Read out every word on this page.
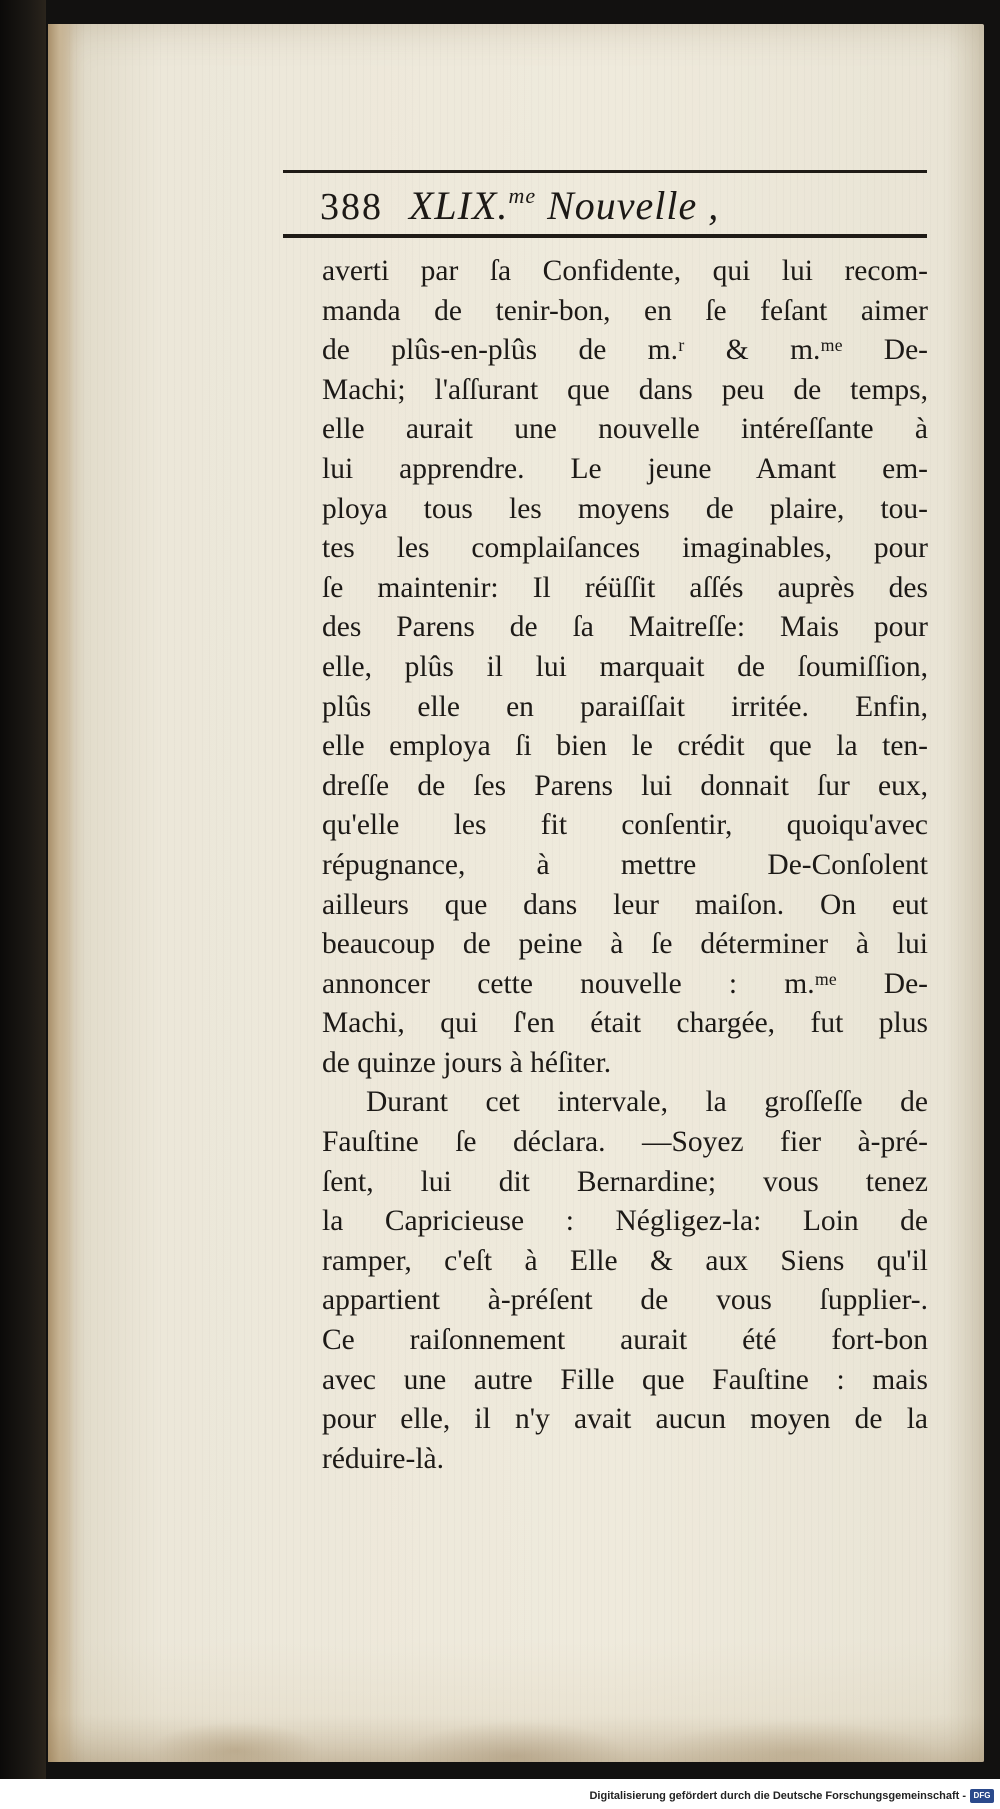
388 XLIX.$^{me}$ Nouvelle ,
averti par ſa Confidente, qui lui recom-
manda de tenir-bon, en ſe feſant aimer
de plûs-en-plûs de m.ʳ & m.ᵐᵉ De-
Machi; l'aſſurant que dans peu de temps,
elle aurait une nouvelle intéreſſante à
lui apprendre. Le jeune Amant em-
ploya tous les moyens de plaire, tou-
tes les complaiſances imaginables, pour
ſe maintenir: Il réüſſit aſſés auprès des
des Parens de ſa Maitreſſe: Mais pour
elle, plûs il lui marquait de ſoumiſſion,
plûs elle en paraiſſait irritée. Enfin,
elle employa ſi bien le crédit que la ten-
dreſſe de ſes Parens lui donnait ſur eux,
qu'elle les fit conſentir, quoiqu'avec
répugnance, à mettre De-Conſolent
ailleurs que dans leur maiſon. On eut
beaucoup de peine à ſe déterminer à lui
annoncer cette nouvelle : m.ᵐᵉ De-
Machi, qui ſ'en était chargée, fut plus
de quinze jours à héſiter.
Durant cet intervale, la groſſeſſe de
Fauſtine ſe déclara. —Soyez fier à-pré-
ſent, lui dit Bernardine; vous tenez
la Capricieuse : Négligez-la: Loin de
ramper, c'eſt à Elle & aux Siens qu'il
appartient à-préſent de vous ſupplier-.
Ce raiſonnement aurait été fort-bon
avec une autre Fille que Fauſtine : mais
pour elle, il n'y avait aucun moyen de la
réduire-là.
Digitalisierung gefördert durch die Deutsche Forschungsgemeinschaft - DFG
